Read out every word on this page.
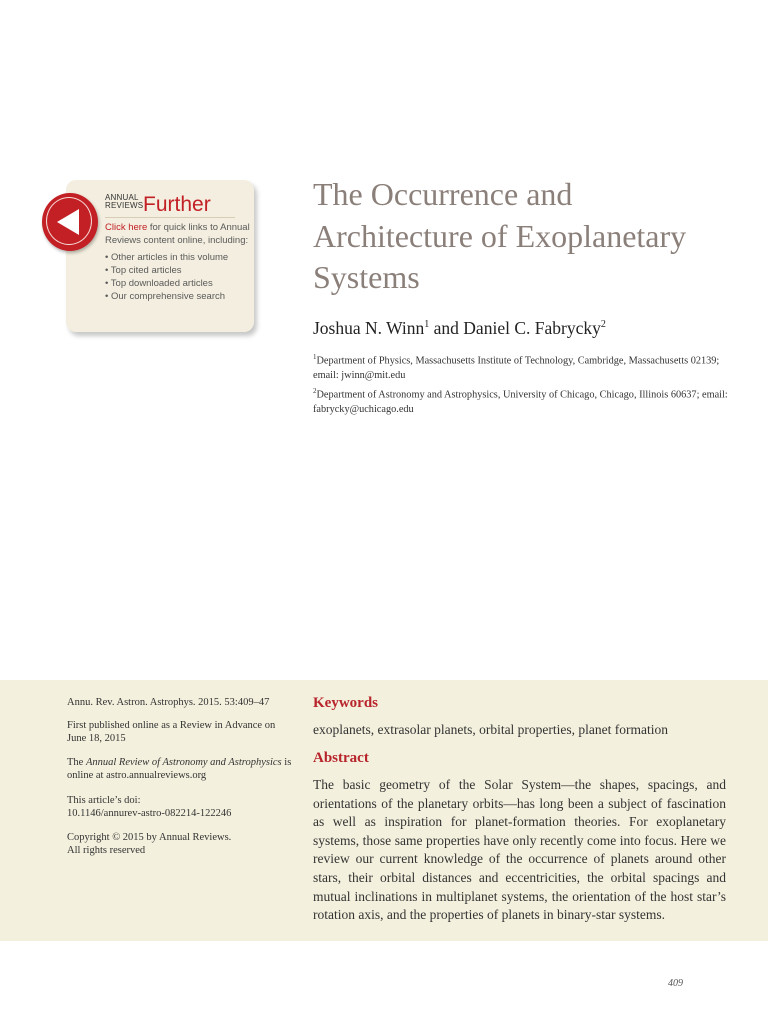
ANNUAL
REVIEWS Further
Click here for quick links to Annual Reviews content online, including:
• Other articles in this volume
• Top cited articles
• Top downloaded articles
• Our comprehensive search
The Occurrence and Architecture of Exoplanetary Systems
Joshua N. Winn$^1$ and Daniel C. Fabrycky$^2$
$^1$Department of Physics, Massachusetts Institute of Technology, Cambridge, Massachusetts 02139; email: jwinn@mit.edu
$^2$Department of Astronomy and Astrophysics, University of Chicago, Chicago, Illinois 60637; email: fabrycky@uchicago.edu
Annu. Rev. Astron. Astrophys. 2015. 53:409–47
First published online as a Review in Advance on June 18, 2015
The Annual Review of Astronomy and Astrophysics is online at astro.annualreviews.org
This article’s doi:
10.1146/annurev-astro-082214-122246
Copyright © 2015 by Annual Reviews.
All rights reserved
Keywords
exoplanets, extrasolar planets, orbital properties, planet formation
Abstract
The basic geometry of the Solar System—the shapes, spacings, and orientations of the planetary orbits—has long been a subject of fascination as well as inspiration for planet-formation theories. For exoplanetary systems, those same properties have only recently come into focus. Here we review our current knowledge of the occurrence of planets around other stars, their orbital distances and eccentricities, the orbital spacings and mutual inclinations in multiplanet systems, the orientation of the host star’s rotation axis, and the properties of planets in binary-star systems.
409
